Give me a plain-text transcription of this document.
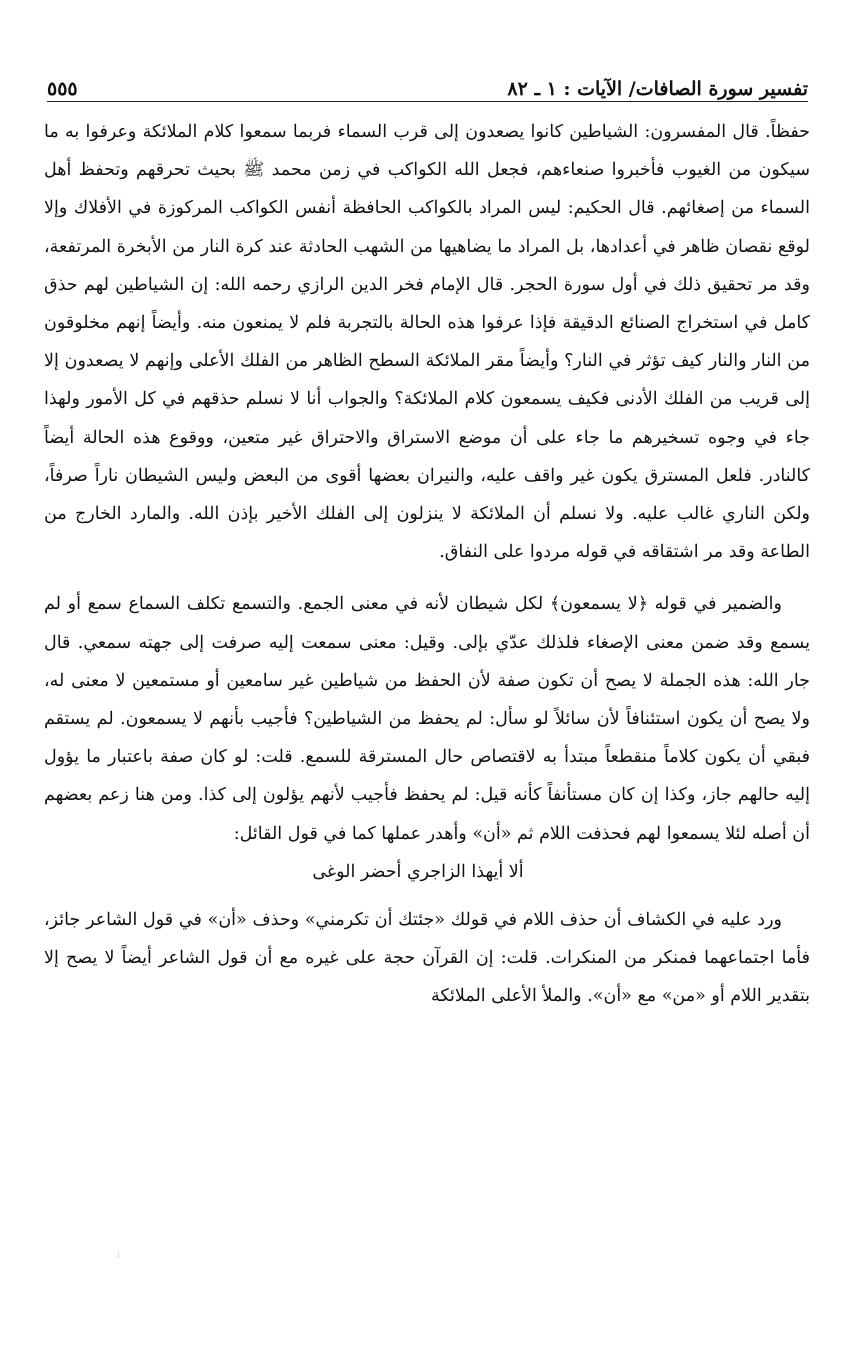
تفسير سورة الصافات/ الآيات : ١ ـ ٨٢
٥٥٥

حفظاً. قال المفسرون: الشياطين كانوا يصعدون إلى قرب السماء فربما سمعوا كلام الملائكة وعرفوا به ما سيكون من الغيوب فأخبروا صنعاءهم، فجعل الله الكواكب في زمن محمد ﷺ بحيث تحرقهم وتحفظ أهل السماء من إصغائهم. قال الحكيم: ليس المراد بالكواكب الحافظة أنفس الكواكب المركوزة في الأفلاك وإلا لوقع نقصان ظاهر في أعدادها، بل المراد ما يضاهيها من الشهب الحادثة عند كرة النار من الأبخرة المرتفعة، وقد مر تحقيق ذلك في أول سورة الحجر. قال الإمام فخر الدين الرازي رحمه الله: إن الشياطين لهم حذق كامل في استخراج الصنائع الدقيقة فإذا عرفوا هذه الحالة بالتجربة فلم لا يمنعون منه. وأيضاً إنهم مخلوقون من النار والنار كيف تؤثر في النار؟ وأيضاً مقر الملائكة السطح الظاهر من الفلك الأعلى وإنهم لا يصعدون إلا إلى قريب من الفلك الأدنى فكيف يسمعون كلام الملائكة؟ والجواب أنا لا نسلم حذقهم في كل الأمور ولهذا جاء في وجوه تسخيرهم ما جاء على أن موضع الاستراق والاحتراق غير متعين، ووقوع هذه الحالة أيضاً كالنادر. فلعل المسترق يكون غير واقف عليه، والنيران بعضها أقوى من البعض وليس الشيطان ناراً صرفاً، ولكن الناري غالب عليه. ولا نسلم أن الملائكة لا ينزلون إلى الفلك الأخير بإذن الله. والمارد الخارج من الطاعة وقد مر اشتقاقه في قوله مردوا على النفاق.

والضمير في قوله ﴿لا يسمعون﴾ لكل شيطان لأنه في معنى الجمع. والتسمع تكلف السماع سمع أو لم يسمع وقد ضمن معنى الإصغاء فلذلك عدّي بإلى. وقيل: معنى سمعت إليه صرفت إلى جهته سمعي. قال جار الله: هذه الجملة لا يصح أن تكون صفة لأن الحفظ من شياطين غير سامعين أو مستمعين لا معنى له، ولا يصح أن يكون استئنافاً لأن سائلاً لو سأل: لم يحفظ من الشياطين؟ فأجيب بأنهم لا يسمعون. لم يستقم فبقي أن يكون كلاماً منقطعاً مبتدأ به لاقتصاص حال المسترقة للسمع. قلت: لو كان صفة باعتبار ما يؤول إليه حالهم جاز، وكذا إن كان مستأنفاً كأنه قيل: لم يحفظ فأجيب لأنهم يؤلون إلى كذا. ومن هنا زعم بعضهم أن أصله لئلا يسمعوا لهم فحذفت اللام ثم «أن» وأهدر عملها كما في قول القائل:

ألا أيهذا الزاجري أحضر الوغى

ورد عليه في الكشاف أن حذف اللام في قولك «جئتك أن تكرمني» وحذف «أن» في قول الشاعر جائز، فأما اجتماعهما فمنكر من المنكرات. قلت: إن القرآن حجة على غيره مع أن قول الشاعر أيضاً لا يصح إلا بتقدير اللام أو «من» مع «أن». والملأ الأعلى الملائكة
